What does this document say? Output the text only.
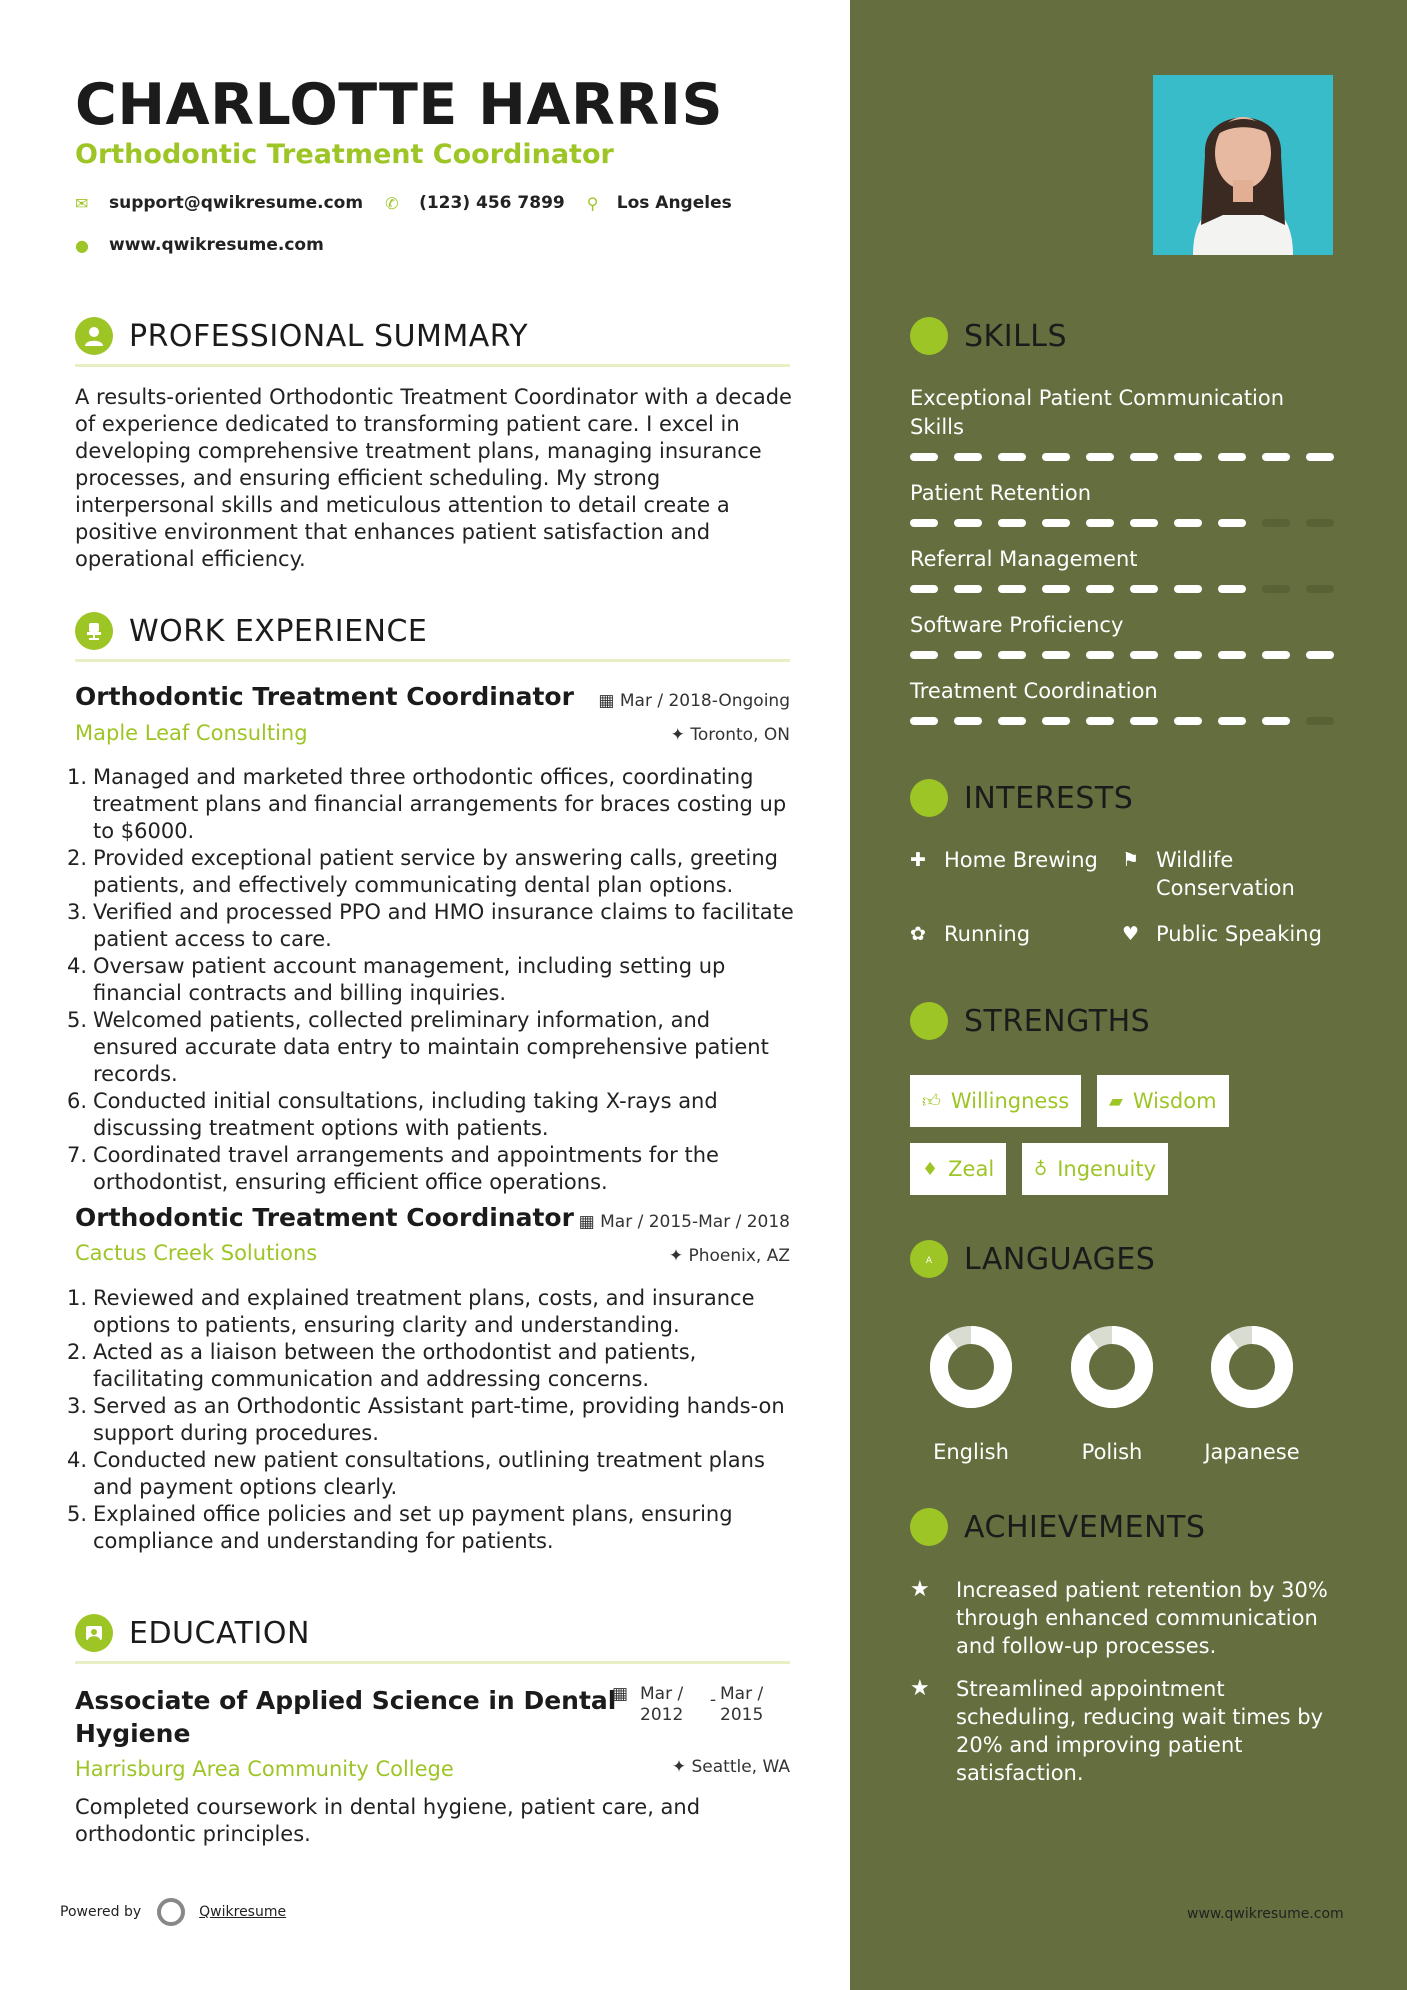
CHARLOTTE HARRIS
Orthodontic Treatment Coordinator
✉	support@qwikresume.com ✆	(123) 456 7899 ⚲	Los Angeles
●	www.qwikresume.com
PROFESSIONAL SUMMARY
A results-oriented Orthodontic Treatment Coordinator with a decade of experience dedicated to transforming patient care. I excel in developing comprehensive treatment plans, managing insurance processes, and ensuring efficient scheduling. My strong interpersonal skills and meticulous attention to detail create a positive environment that enhances patient satisfaction and operational efficiency.
WORK EXPERIENCE
Orthodontic Treatment Coordinator ▦ Mar / 2018-Ongoing
Maple Leaf Consulting	✦ Toronto, ON
1. Managed and marketed three orthodontic offices, coordinating treatment plans and financial arrangements for braces costing up to $6000.
2. Provided exceptional patient service by answering calls, greeting patients, and effectively communicating dental plan options.
3. Verified and processed PPO and HMO insurance claims to facilitate patient access to care.
4. Oversaw patient account management, including setting up financial contracts and billing inquiries.
5. Welcomed patients, collected preliminary information, and ensured accurate data entry to maintain comprehensive patient records.
6. Conducted initial consultations, including taking X-rays and discussing treatment options with patients.
7. Coordinated travel arrangements and appointments for the orthodontist, ensuring efficient office operations.
Orthodontic Treatment Coordinator ▦ Mar / 2015-Mar / 2018
Cactus Creek Solutions	✦ Phoenix, AZ
1. Reviewed and explained treatment plans, costs, and insurance options to patients, ensuring clarity and understanding.
2. Acted as a liaison between the orthodontist and patients, facilitating communication and addressing concerns.
3. Served as an Orthodontic Assistant part-time, providing hands-on support during procedures.
4. Conducted new patient consultations, outlining treatment plans and payment options clearly.
5. Explained office policies and set up payment plans, ensuring compliance and understanding for patients.
EDUCATION
Associate of Applied Science in Dental
Hygiene
▦ Mar /
2012
- Mar /
2015
Harrisburg Area Community College	✦ Seattle, WA
Completed coursework in dental hygiene, patient care, and orthodontic principles.
Powered by	Qwikresume
SKILLS
Exceptional Patient Communication Skills
Patient Retention
Referral Management
Software Proficiency
Treatment Coordination
INTERESTS
✚ Home Brewing ⚑ Wildlife Conservation
✿ Running	♥ Public Speaking
STRENGTHS
👍︎ Willingness ▰ Wisdom
♦ Zeal ♁ Ingenuity
A LANGUAGES
English	Polish	Japanese
ACHIEVEMENTS
★	Increased patient retention by 30% through enhanced communication and follow-up processes.
★	Streamlined appointment scheduling, reducing wait times by 20% and improving patient satisfaction.
www.qwikresume.com
